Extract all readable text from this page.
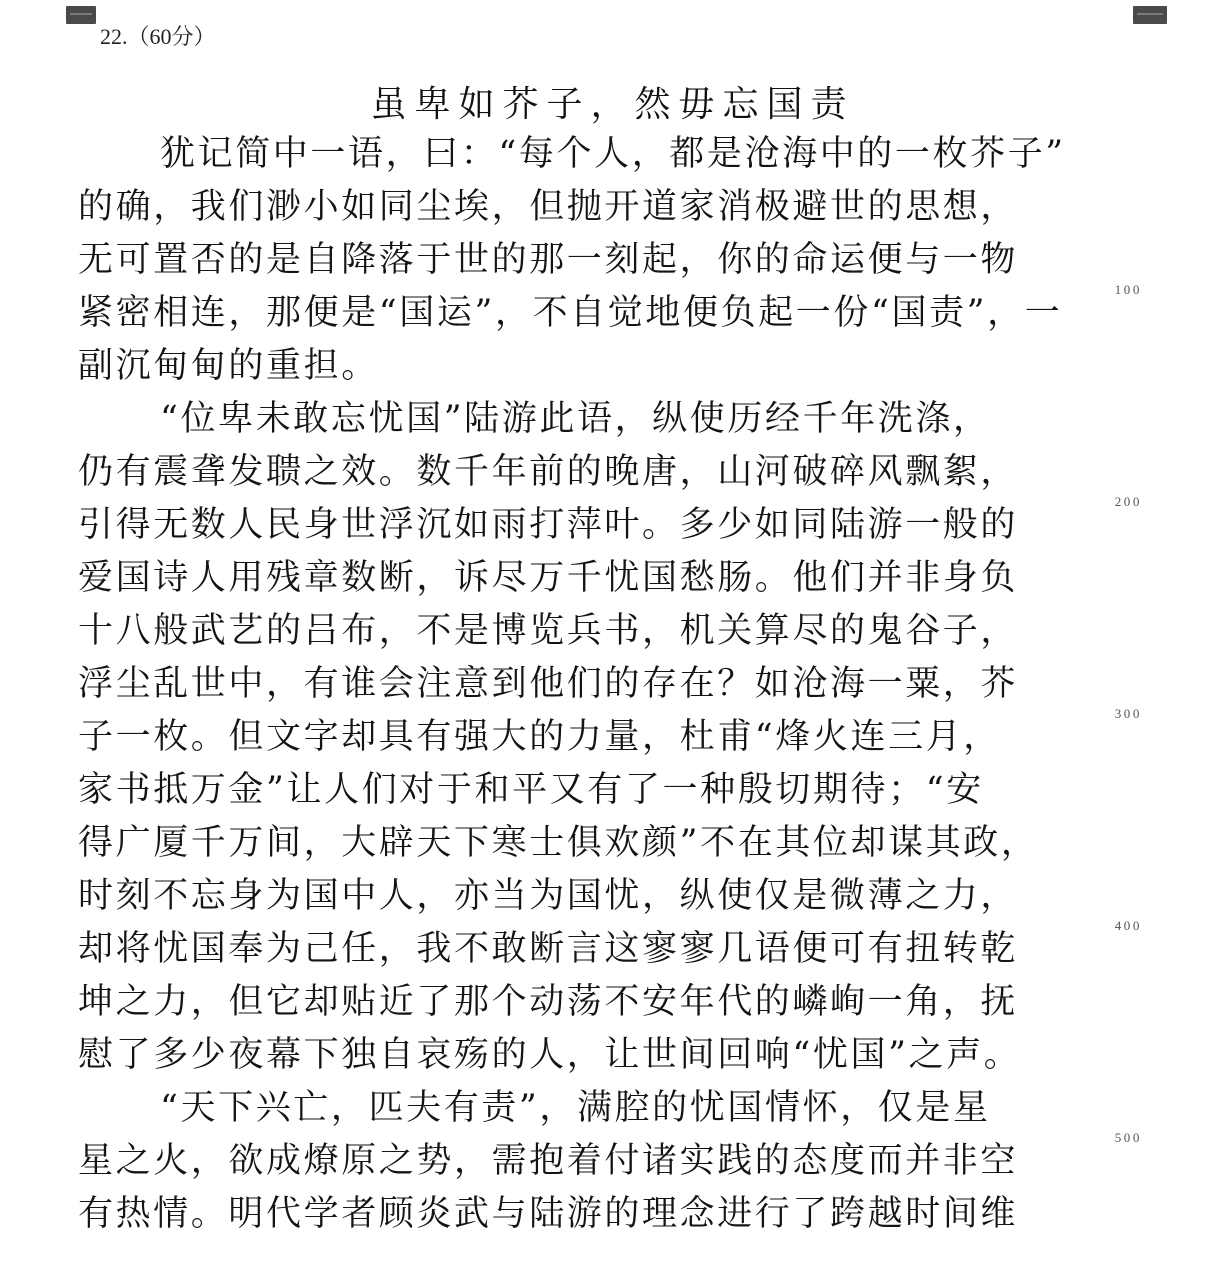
22.（60分）
虽卑如芥子，然毋忘国责
犹记简中一语，曰：“每个人，都是沧海中的一枚芥子”
的确，我们渺小如同尘埃，但抛开道家消极避世的思想，
无可置否的是自降落于世的那一刻起，你的命运便与一物
紧密相连，那便是“国运”，不自觉地便负起一份“国责”，一
100
副沉甸甸的重担。
“位卑未敢忘忧国”陆游此语，纵使历经千年洗涤，
仍有震聋发聩之效。数千年前的晚唐，山河破碎风飘絮，
引得无数人民身世浮沉如雨打萍叶。多少如同陆游一般的
200
爱国诗人用残章数断，诉尽万千忧国愁肠。他们并非身负
十八般武艺的吕布，不是博览兵书，机关算尽的鬼谷子，
浮尘乱世中，有谁会注意到他们的存在？如沧海一粟，芥
子一枚。但文字却具有强大的力量，杜甫“烽火连三月，
300
家书抵万金”让人们对于和平又有了一种殷切期待；“安
得广厦千万间，大辟天下寒士俱欢颜”不在其位却谋其政，
时刻不忘身为国中人，亦当为国忧，纵使仅是微薄之力，
却将忧国奉为己任，我不敢断言这寥寥几语便可有扭转乾
400
坤之力，但它却贴近了那个动荡不安年代的嶙峋一角，抚
慰了多少夜幕下独自哀殇的人，让世间回响“忧国”之声。
“天下兴亡，匹夫有责”，满腔的忧国情怀，仅是星
星之火，欲成燎原之势，需抱着付诸实践的态度而并非空
500
有热情。明代学者顾炎武与陆游的理念进行了跨越时间维
